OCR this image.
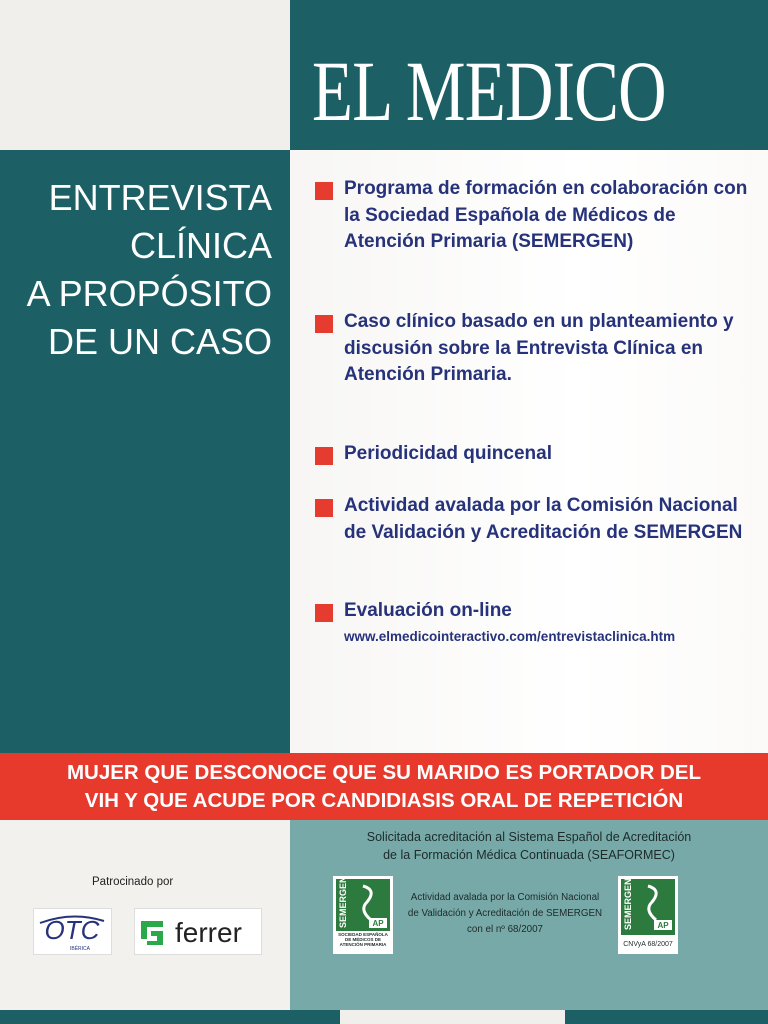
EL MEDICO
ENTREVISTA
CLÍNICA
A PROPÓSITO
DE UN CASO
Programa de formación en colaboración con la Sociedad Española de Médicos de Atención Primaria (SEMERGEN)
Caso clínico basado en un planteamiento y discusión sobre la Entrevista Clínica en Atención Primaria.
Periodicidad quincenal
Actividad avalada por la Comisión Nacional de Validación y Acreditación de SEMERGEN
Evaluación on-line
www.elmedicointeractivo.com/entrevistaclinica.htm
MUJER QUE DESCONOCE QUE SU MARIDO ES PORTADOR DEL
VIH Y QUE ACUDE POR CANDIDIASIS ORAL DE REPETICIÓN
Patrocinado por
OTC
IBÉRICA
ferrer
Solicitada acreditación al Sistema Español de Acreditación
de la Formación Médica Continuada (SEAFORMEC)
SEMERGEN	AP
SOCIEDAD ESPAÑOLA DE MÉDICOS DE ATENCIÓN PRIMARIA
Actividad avalada por la Comisión Nacional
de Validación y Acreditación de SEMERGEN
con el nº 68/2007	SEMERGEN	AP
CNVyA 68/2007
